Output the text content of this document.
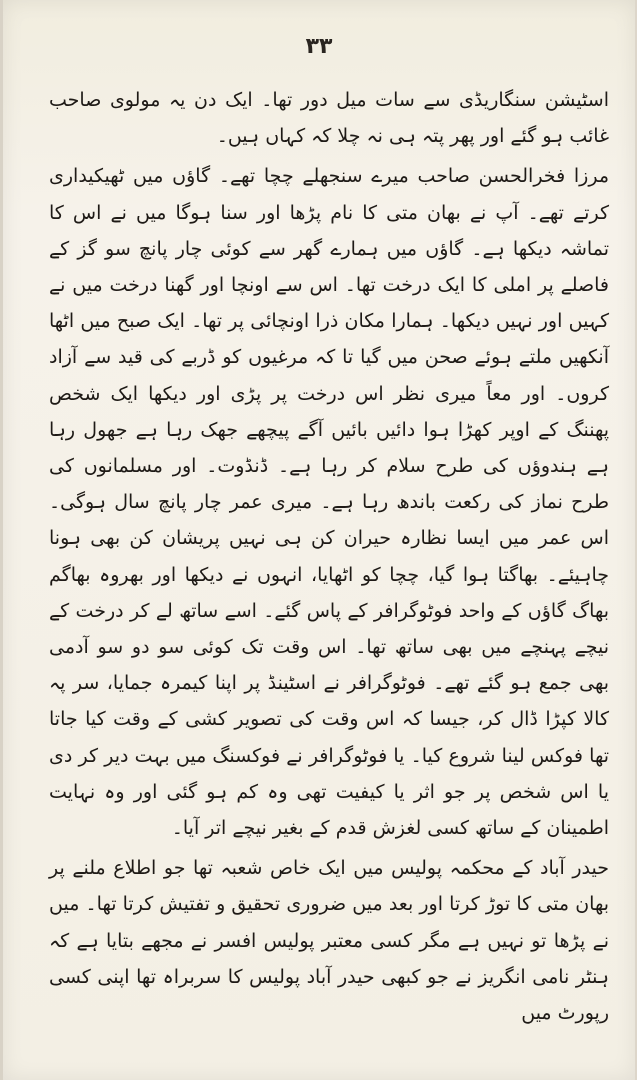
۳۳

اسٹیشن سنگاریڈی سے سات میل دور تھا۔ ایک دن یہ مولوی صاحب غائب ہو گئے اور پھر پتہ ہی نہ چلا کہ کہاں ہیں۔

مرزا فخرالحسن صاحب میرے سنجھلے چچا تھے۔ گاؤں میں ٹھیکیداری کرتے تھے۔ آپ نے بھان متی کا نام پڑھا اور سنا ہوگا میں نے اس کا تماشہ دیکھا ہے۔ گاؤں میں ہمارے گھر سے کوئی چار پانچ سو گز کے فاصلے پر املی کا ایک درخت تھا۔ اس سے اونچا اور گھنا درخت میں نے کہیں اور نہیں دیکھا۔ ہمارا مکان ذرا اونچائی پر تھا۔ ایک صبح میں اٹھا آنکھیں ملتے ہوئے صحن میں گیا تا کہ مرغیوں کو ڈربے کی قید سے آزاد کروں۔ اور معاً میری نظر اس درخت پر پڑی اور دیکھا ایک شخص پھننگ کے اوپر کھڑا ہوا دائیں بائیں آگے پیچھے جھک رہا ہے جھول رہا ہے ہندوؤں کی طرح سلام کر رہا ہے۔ ڈنڈوت۔ اور مسلمانوں کی طرح نماز کی رکعت باندھ رہا ہے۔ میری عمر چار پانچ سال ہوگی۔ اس عمر میں ایسا نظارہ حیران کن ہی نہیں پریشان کن بھی ہونا چاہیئے۔ بھاگتا ہوا گیا، چچا کو اٹھایا، انہوں نے دیکھا اور بھروہ بھاگم بھاگ گاؤں کے واحد فوٹوگرافر کے پاس گئے۔ اسے ساتھ لے کر درخت کے نیچے پہنچے میں بھی ساتھ تھا۔ اس وقت تک کوئی سو دو سو آدمی بھی جمع ہو گئے تھے۔ فوٹوگرافر نے اسٹینڈ پر اپنا کیمرہ جمایا، سر پہ کالا کپڑا ڈال کر، جیسا کہ اس وقت کی تصویر کشی کے وقت کیا جاتا تھا فوکس لینا شروع کیا۔ یا فوٹوگرافر نے فوکسنگ میں بہت دیر کر دی یا اس شخص پر جو اثر یا کیفیت تھی وہ کم ہو گئی اور وہ نہایت اطمینان کے ساتھ کسی لغزش قدم کے بغیر نیچے اتر آیا۔

حیدر آباد کے محکمہ پولیس میں ایک خاص شعبہ تھا جو اطلاع ملنے پر بھان متی کا توڑ کرتا اور بعد میں ضروری تحقیق و تفتیش کرتا تھا۔ میں نے پڑھا تو نہیں ہے مگر کسی معتبر پولیس افسر نے مجھے بتایا ہے کہ ہنٹر نامی انگریز نے جو کبھی حیدر آباد پولیس کا سربراہ تھا اپنی کسی رپورٹ میں
